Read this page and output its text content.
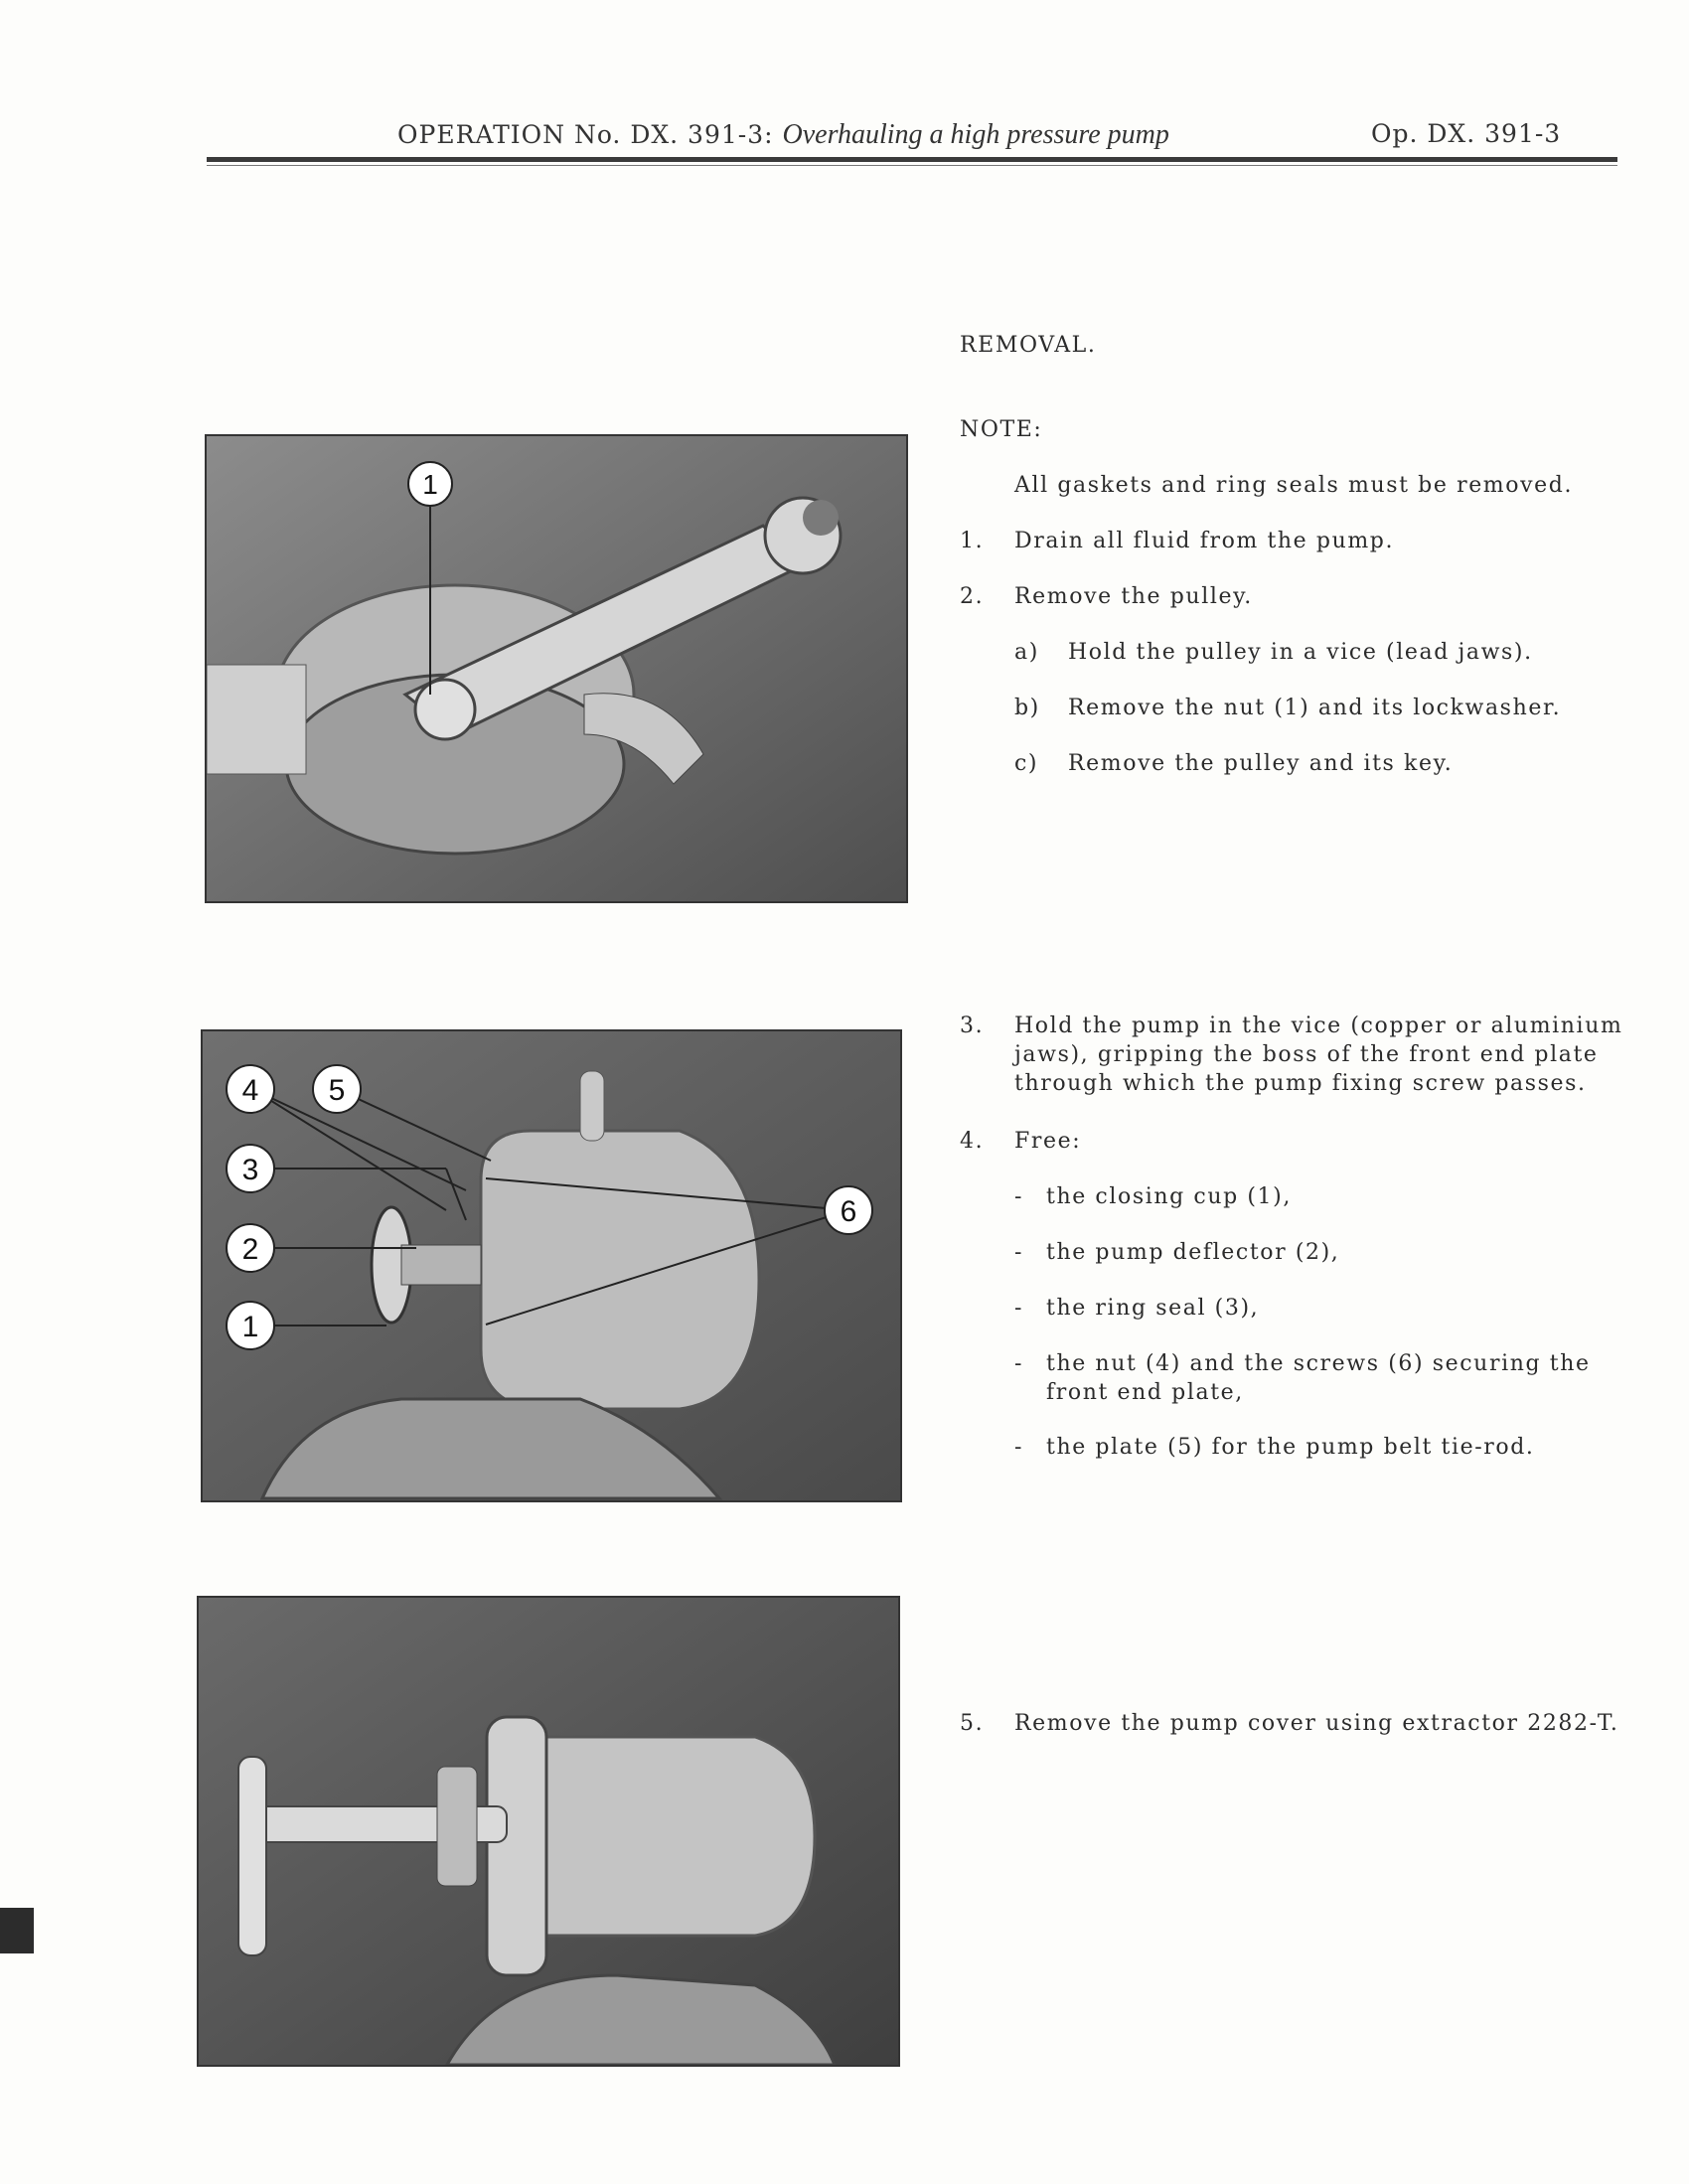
OPERATION No. DX. 391-3: Overhauling a high pressure pump	Op. DX. 391-3
1
4 5
3
2
1
6
REMOVAL.
NOTE:
All gaskets and ring seals must be removed.
1. Drain all fluid from the pump.
2. Remove the pulley.
a) Hold the pulley in a vice (lead jaws).
b) Remove the nut (1) and its lockwasher.
c) Remove the pulley and its key.
3. Hold the pump in the vice (copper or aluminium
jaws), gripping the boss of the front end plate
through which the pump fixing screw passes.
4. Free:
- the closing cup (1),
- the pump deflector (2),
- the ring seal (3),
- the nut (4) and the screws (6) securing the
front end plate,
- the plate (5) for the pump belt tie-rod.
5. Remove the pump cover using extractor 2282-T.
